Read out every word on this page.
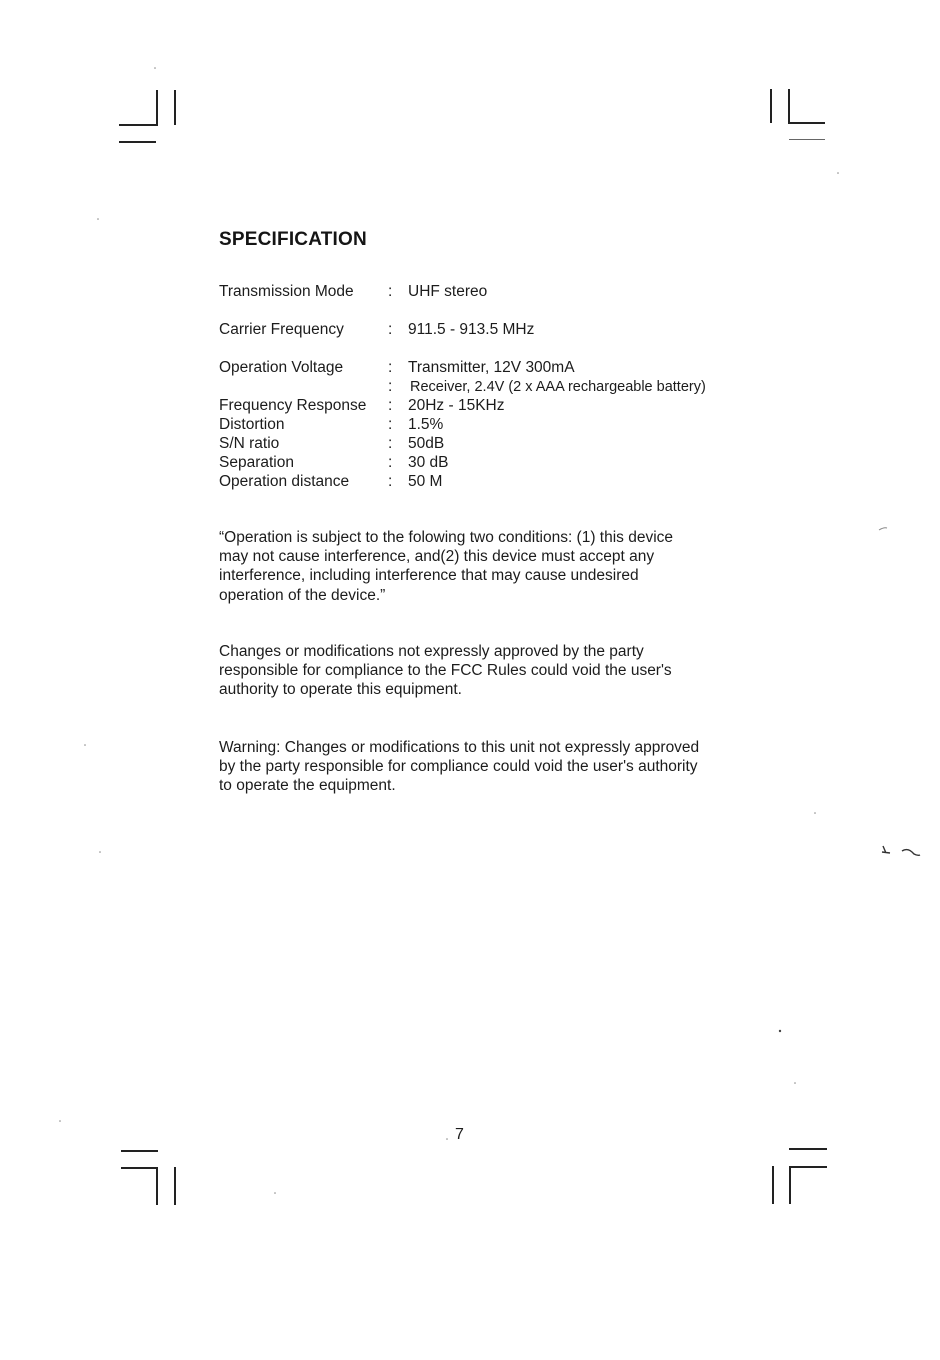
SPECIFICATION
Transmission Mode : UHF stereo
Carrier Frequency	: 911.5 - 913.5 MHz
Operation Voltage	: Transmitter, 12V 300mA
: Receiver, 2.4V (2 x AAA rechargeable battery)
Frequency Response : 20Hz - 15KHz
Distortion	: 1.5%
S/N ratio	: 50dB
Separation	: 30 dB
Operation distance	: 50 M
“Operation is subject to the folowing two conditions: (1) this device
may not cause interference, and(2) this device must accept any
interference, including interference that may cause undesired
operation of the device.”
Changes or modifications not expressly approved by the party
responsible for compliance to the FCC Rules could void the user's
authority to operate this equipment.
Warning: Changes or modifications to this unit not expressly approved
by the party responsible for compliance could void the user's authority
to operate the equipment.
7
